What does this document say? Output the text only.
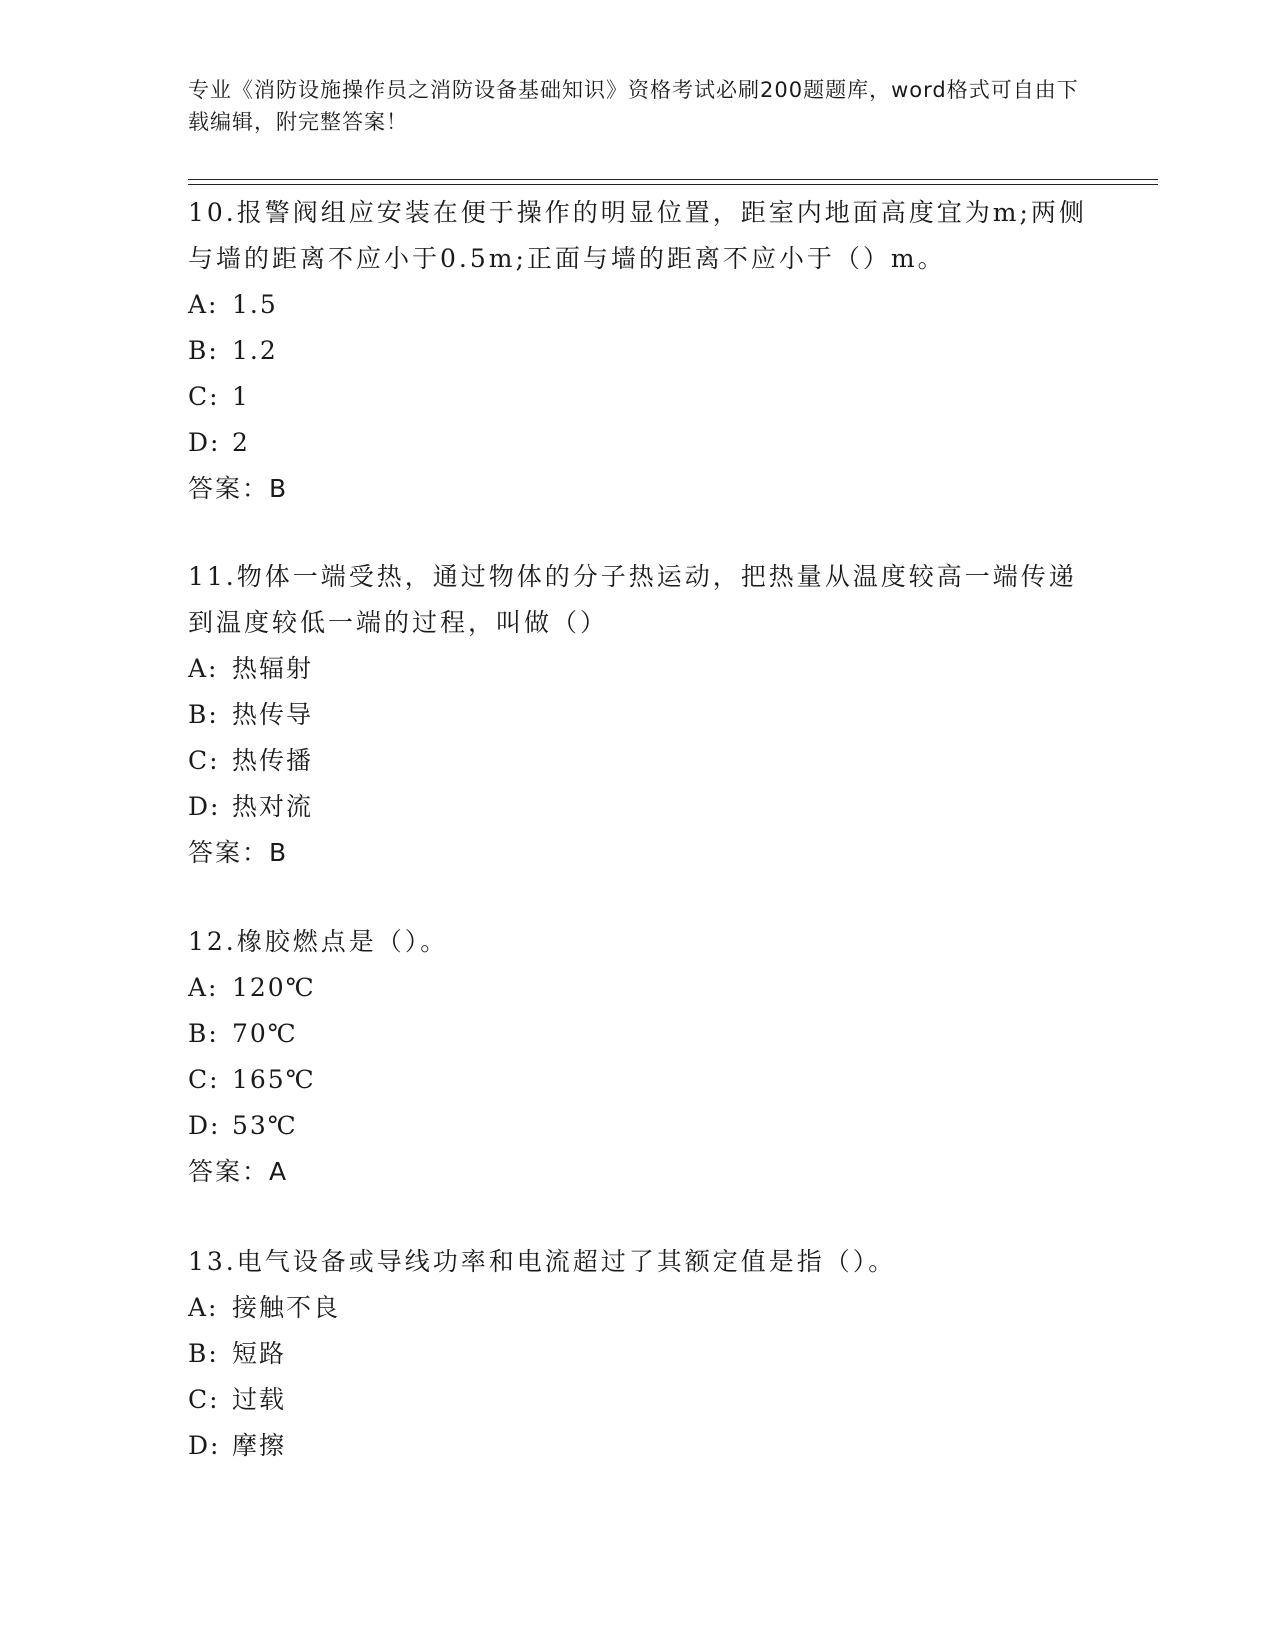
专业《消防设施操作员之消防设备基础知识》资格考试必刷200题题库，word格式可自由下载编辑，附完整答案！

10.报警阀组应安装在便于操作的明显位置，距室内地面高度宜为m;两侧与墙的距离不应小于0.5m;正面与墙的距离不应小于（）m。

A: 1.5

B: 1.2

C: 1

D: 2

答案：B

11.物体一端受热，通过物体的分子热运动，把热量从温度较高一端传递到温度较低一端的过程，叫做（）

A: 热辐射

B: 热传导

C: 热传播

D: 热对流

答案：B

12.橡胶燃点是（）。

A: 120℃

B: 70℃

C: 165℃

D: 53℃

答案：A

13.电气设备或导线功率和电流超过了其额定值是指（）。

A: 接触不良

B: 短路

C: 过载

D: 摩擦
